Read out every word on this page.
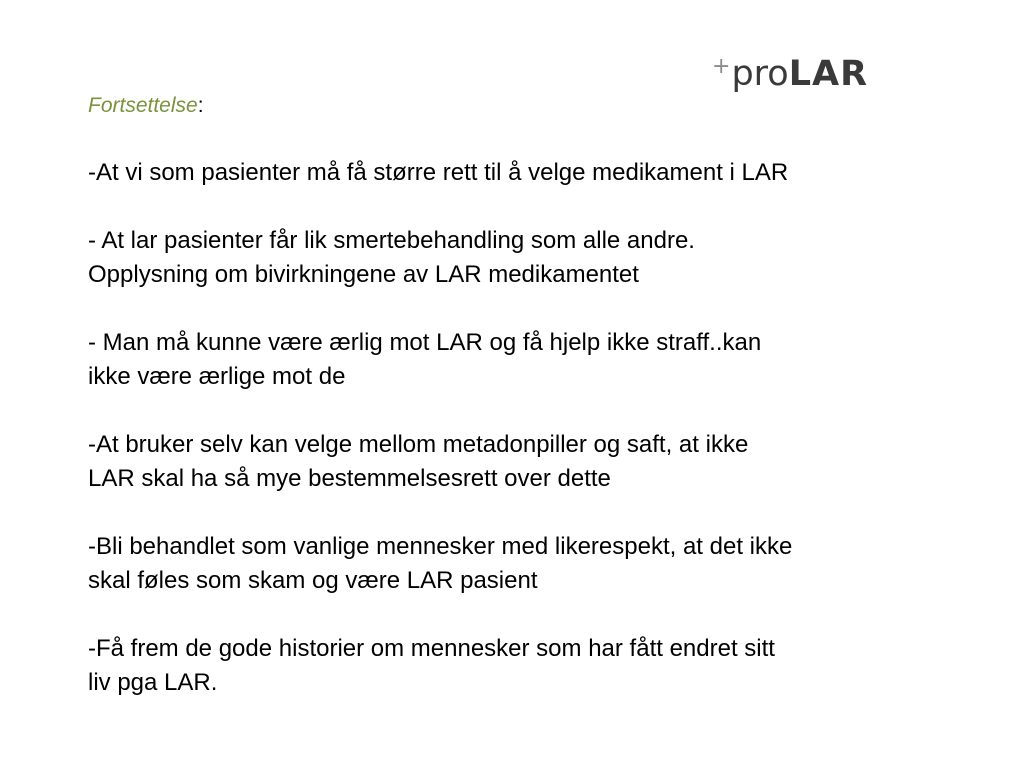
+ pro LAR

Fortsettelse:

-At vi som pasienter må få større rett til å velge medikament i LAR

- At lar pasienter får lik smertebehandling som alle andre.
Opplysning om bivirkningene av LAR medikamentet

- Man må kunne være ærlig mot LAR og få hjelp ikke straff..kan
ikke være ærlige mot de

-At bruker selv kan velge mellom metadonpiller og saft, at ikke
LAR skal ha så mye bestemmelsesrett over dette

-Bli behandlet som vanlige mennesker med likerespekt, at det ikke
skal føles som skam og være LAR pasient

-Få frem de gode historier om mennesker som har fått endret sitt
liv pga LAR.
